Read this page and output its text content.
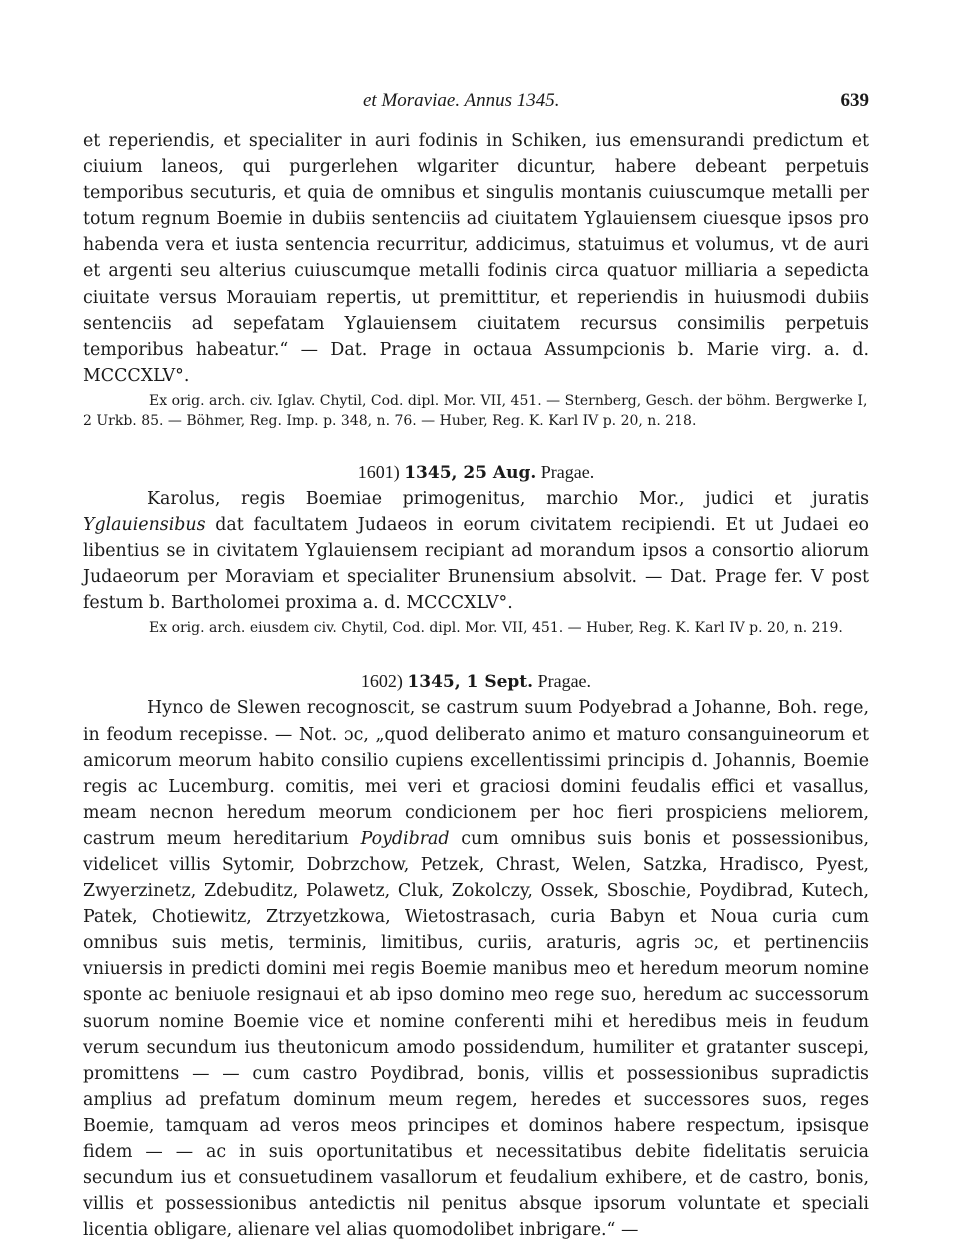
et Moraviae. Annus 1345.	639

et reperiendis, et specialiter in auri fodinis in Schiken, ius emensurandi predictum et ciuium laneos, qui purgerlehen wlgariter dicuntur, habere debeant perpetuis temporibus secuturis, et quia de omnibus et singulis montanis cuiuscumque metalli per totum regnum Boemie in dubiis sentenciis ad ciuitatem Yglauiensem ciuesque ipsos pro habenda vera et iusta sentencia recurritur, addicimus, statuimus et volumus, vt de auri et argenti seu alterius cuiuscumque metalli fodinis circa quatuor milliaria a sepedicta ciuitate versus Morauiam repertis, ut premittitur, et reperiendis in huiusmodi dubiis sentenciis ad sepefatam Yglauiensem ciuitatem recursus consimilis perpetuis temporibus habeatur.“ — Dat. Prage in octaua Assumpcionis b. Marie virg. a. d. MCCCXLV°.

Ex orig. arch. civ. Iglav. Chytil, Cod. dipl. Mor. VII, 451. — Sternberg, Gesch. der böhm. Bergwerke I,
2 Urkb. 85. — Böhmer, Reg. Imp. p. 348, n. 76. — Huber, Reg. K. Karl IV p. 20, n. 218.

1601) 1345, 25 Aug. Pragae.

Karolus, regis Boemiae primogenitus, marchio Mor., judici et juratis Yglauiensibus dat facultatem Judaeos in eorum civitatem recipiendi. Et ut Judaei eo libentius se in civitatem Yglauiensem recipiant ad morandum ipsos a consortio aliorum Judaeorum per Moraviam et specialiter Brunensium absolvit. — Dat. Prage fer. V post festum b. Bartholomei proxima a. d. MCCCXLV°.

Ex orig. arch. eiusdem civ. Chytil, Cod. dipl. Mor. VII, 451. — Huber, Reg. K. Karl IV p. 20, n. 219.

1602) 1345, 1 Sept. Pragae.

Hynco de Slewen recognoscit, se castrum suum Podyebrad a Johanne, Boh. rege, in feodum recepisse. — Not. ɔc, „quod deliberato animo et maturo consanguineorum et amicorum meorum habito consilio cupiens excellentissimi principis d. Johannis, Boemie regis ac Lucemburg. comitis, mei veri et graciosi domini feudalis effici et vasallus, meam necnon heredum meorum condicionem per hoc fieri prospiciens meliorem, castrum meum hereditarium Poydibrad cum omnibus suis bonis et possessionibus, videlicet villis Sytomir, Dobrzchow, Petzek, Chrast, Welen, Satzka, Hradisco, Pyest, Zwyerzinetz, Zdebuditz, Polawetz, Cluk, Zokolczy, Ossek, Sboschie, Poydibrad, Kutech, Patek, Chotiewitz, Ztrzyetzkowa, Wietostrasach, curia Babyn et Noua curia cum omnibus suis metis, terminis, limitibus, curiis, araturis, agris ɔc, et pertinenciis vniuersis in predicti domini mei regis Boemie manibus meo et heredum meorum nomine sponte ac beniuole resignaui et ab ipso domino meo rege suo, heredum ac successorum suorum nomine Boemie vice et nomine conferenti mihi et heredibus meis in feudum verum secundum ius theutonicum amodo possidendum, humiliter et gratanter suscepi, promittens — — cum castro Poydibrad, bonis, villis et possessionibus supradictis amplius ad prefatum dominum meum regem, heredes et successores suos, reges Boemie, tamquam ad veros meos principes et dominos habere respectum, ipsisque fidem — — ac in suis oportunitatibus et necessitatibus debite fidelitatis seruicia secundum ius et consuetudinem vasallorum et feudalium exhibere, et de castro, bonis, villis et possessionibus antedictis nil penitus absque ipsorum voluntate et speciali licentia obligare, alienare vel alias quomodolibet inbrigare.“ —
